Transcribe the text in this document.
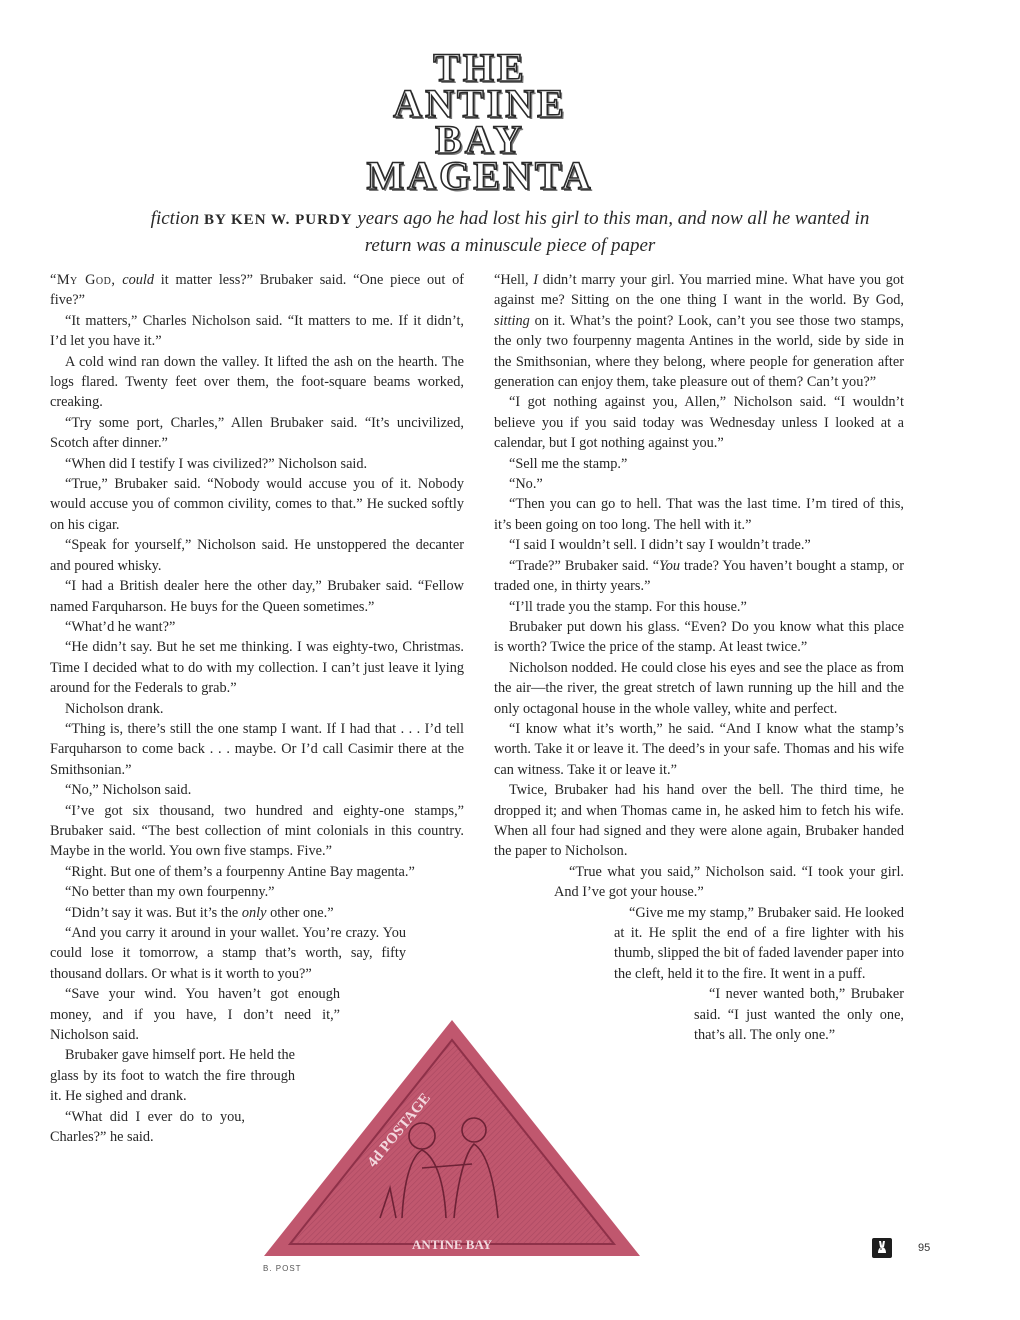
THE
ANTINE
BAY
MAGENTA
fiction BY KEN W. PURDY years ago he had lost his girl to this man, and now all he wanted in return was a minuscule piece of paper

“My God, could it matter less?” Brubaker said. “One piece out of five?”

“It matters,” Charles Nicholson said. “It matters to me. If it didn’t, I’d let you have it.”

A cold wind ran down the valley. It lifted the ash on the hearth. The logs flared. Twenty feet over them, the foot-square beams worked, creaking.

“Try some port, Charles,” Allen Brubaker said. “It’s uncivilized, Scotch after dinner.”

“When did I testify I was civilized?” Nicholson said.

“True,” Brubaker said. “Nobody would accuse you of it. Nobody would accuse you of common civility, comes to that.” He sucked softly on his cigar.

“Speak for yourself,” Nicholson said. He unstoppered the decanter and poured whisky.

“I had a British dealer here the other day,” Brubaker said. “Fellow named Farquharson. He buys for the Queen sometimes.”

“What’d he want?”

“He didn’t say. But he set me thinking. I was eighty-two, Christmas. Time I decided what to do with my collection. I can’t just leave it lying around for the Federals to grab.”

Nicholson drank.

“Thing is, there’s still the one stamp I want. If I had that . . . I’d tell Farquharson to come back . . . maybe. Or I’d call Casimir there at the Smithsonian.”

“No,” Nicholson said.

“I’ve got six thousand, two hundred and eighty-one stamps,” Brubaker said. “The best collection of mint colonials in this country. Maybe in the world. You own five stamps. Five.”

“Right. But one of them’s a fourpenny Antine Bay magenta.”

“No better than my own fourpenny.”

“Didn’t say it was. But it’s the only other one.”

“And you carry it around in your wallet. You’re crazy. You could lose it tomorrow, a stamp that’s worth, say, fifty thousand dollars. Or what is it worth to you?”

“Save your wind. You haven’t got enough money, and if you have, I don’t need it,” Nicholson said.

Brubaker gave himself port. He held the glass by its foot to watch the fire through it. He sighed and drank.

“What did I ever do to you, Charles?” he said.

“Hell, I didn’t marry your girl. You married mine. What have you got against me? Sitting on the one thing I want in the world. By God, sitting on it. What’s the point? Look, can’t you see those two stamps, the only two fourpenny magenta Antines in the world, side by side in the Smithsonian, where they belong, where people for generation after generation can enjoy them, take pleasure out of them? Can’t you?”

“I got nothing against you, Allen,” Nicholson said. “I wouldn’t believe you if you said today was Wednesday unless I looked at a calendar, but I got nothing against you.”

“Sell me the stamp.”

“No.”

“Then you can go to hell. That was the last time. I’m tired of this, it’s been going on too long. The hell with it.”

“I said I wouldn’t sell. I didn’t say I wouldn’t trade.”

“Trade?” Brubaker said. “You trade? You haven’t bought a stamp, or traded one, in thirty years.”

“I’ll trade you the stamp. For this house.”

Brubaker put down his glass. “Even? Do you know what this place is worth? Twice the price of the stamp. At least twice.”

Nicholson nodded. He could close his eyes and see the place as from the air—the river, the great stretch of lawn running up the hill and the only octagonal house in the whole valley, white and perfect.

“I know what it’s worth,” he said. “And I know what the stamp’s worth. Take it or leave it. The deed’s in your safe. Thomas and his wife can witness. Take it or leave it.”

Twice, Brubaker had his hand over the bell. The third time, he dropped it; and when Thomas came in, he asked him to fetch his wife. When all four had signed and they were alone again, Brubaker handed the paper to Nicholson.

“True what you said,” Nicholson said. “I took your girl. And I’ve got your house.”

“Give me my stamp,” Brubaker said. He looked at it. He split the end of a fire lighter with his thumb, slipped the bit of faded lavender paper into the cleft, held it to the fire. It went in a puff.

“I never wanted both,” Brubaker said. “I just wanted the only one, that’s all. The only one.”

4d POSTAGE
ANTINE BAY
B. POST
95
